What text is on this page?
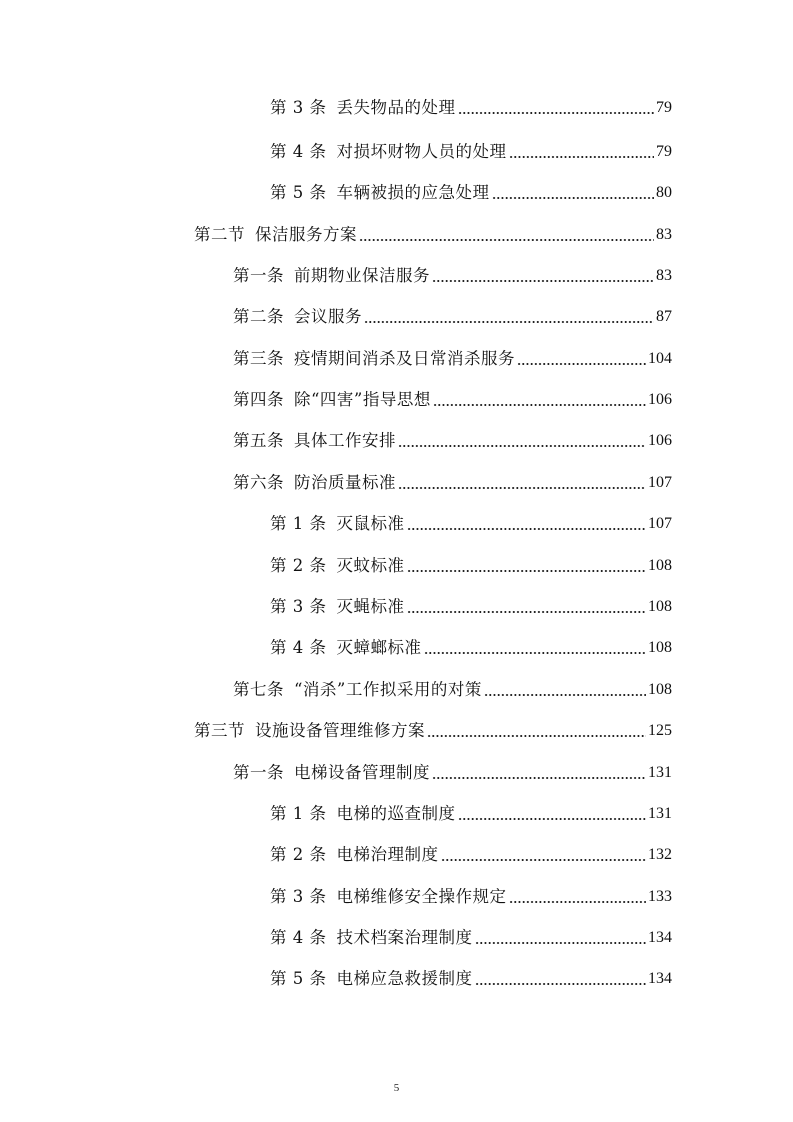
第 3 条 丢失物品的处理	79
第 4 条 对损坏财物人员的处理	79
第 5 条 车辆被损的应急处理	80
第二节 保洁服务方案	83
第一条 前期物业保洁服务	83
第二条 会议服务	87
第三条 疫情期间消杀及日常消杀服务	104
第四条 除“四害”指导思想	106
第五条 具体工作安排	106
第六条 防治质量标准	107
第 1 条 灭鼠标准	107
第 2 条 灭蚊标准	108
第 3 条 灭蝇标准	108
第 4 条 灭蟑螂标准	108
第七条 “消杀”工作拟采用的对策	108
第三节 设施设备管理维修方案	125
第一条 电梯设备管理制度	131
第 1 条 电梯的巡查制度	131
第 2 条 电梯治理制度	132
第 3 条 电梯维修安全操作规定	133
第 4 条 技术档案治理制度	134
第 5 条 电梯应急救援制度	134
5
